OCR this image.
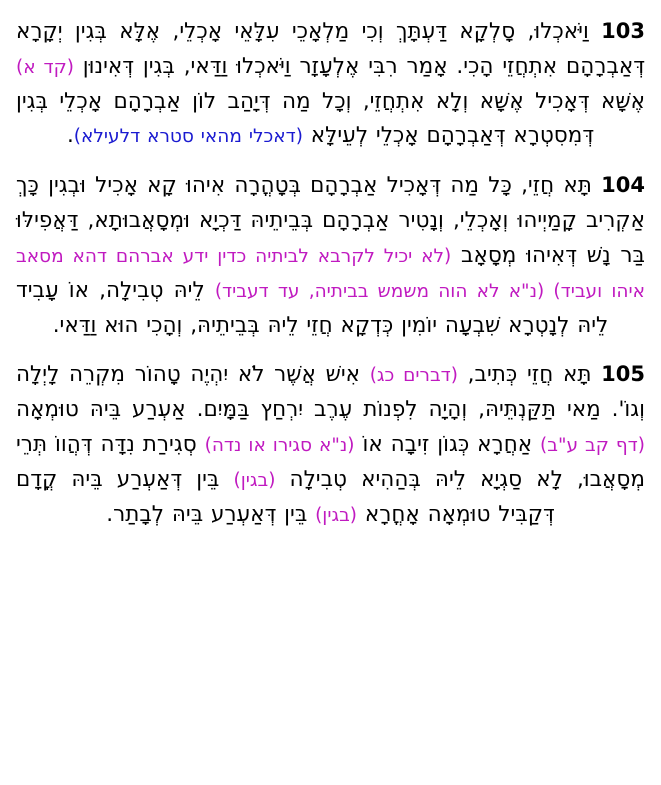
103 וַיֹּאכְלוּ, סָלְקָא דַּעְתָּךְ וְכִי מַלְאָכֵי עִלָּאֵי אָכְלֵי, אֶלָּא בְּגִין יְקָרָא דְּאַבְרָהָם אִתְחֲזֵי הָכִי. אָמַר רִבִּי אֶלְעָזָר וַיֹּאכְלוּ וַדַּאי, בְּגִין דְּאִינוּן (קד א) אֶשָּׁא דְּאָכִיל אֶשָּׁא וְלָא אִתְחֲזֵי, וְכָל מַה דְּיָהַב לוֹן אַבְרָהָם אָכְלֵי בְּגִין דְּמִסִטְרָא דְּאַבְרָהָם אָכְלֵי לְעֵילָּא (דאכלי מהאי סטרא דלעילא).

104 תָּא חֲזֵי, כָּל מַה דְּאָכִיל אַבְרָהָם בְּטָהֳרָה אִיהוּ קָא אָכִיל וּבְגִין כָּךְ אַקְרִיב קָמַיְיהוּ וְאָכְלֵי, וְנָטִיר אַבְרָהָם בְּבֵיתֵיהּ דַּכְיָא וּמְסָאֲבוּתָא, דַּאֲפִילּוּ בַּר נָשׁ דְּאִיהוּ מְסָאָב (לא יכיל לקרבא לביתיה כדין ידע אברהם דהא מסאב איהו ועביד) (נ"א לא הוה משמש בביתיה, עד דעביד) לֵיהּ טְבִילָה, אוֹ עָבִיד לֵיהּ לְנָטְרָא שִׁבְעָה יוֹמִין כְּדְקָא חֲזֵי לֵיהּ בְּבֵיתֵיהּ, וְהָכִי הוּא וַדַּאי.

105 תָּא חֲזֵי כְּתִיב, (דברים כג) אִישׁ אֲשֶׁר לֹא יִהְיֶה טָהוֹר מִקְרֵה לָיְלָה וְגוֹ'. מַאי תַּקַּנְתֵּיהּ, וְהָיָה לִפְנוֹת עֶרֶב יִרְחַץ בַּמָּיִם. אַעְרַע בֵּיהּ טוּמְאָה (דף קב ע"ב) אַחֲרָא כְּגוֹן זִיבָה אוֹ (נ"א סגירו או נדה) סְגִירַת נִדָּה דְּהֲווֹ תְּרֵי מְסָאֲבוּ, לָא סַגְיָא לֵיהּ בְּהַהִיא טְבִילָה (בגין) בֵּין דְּאַעְרַע בֵּיהּ קֳדָם דְּקַבִּיל טוּמְאָה אָחֳרָא (בגין) בֵּין דְּאַעְרַע בֵּיהּ לְבָתַר.
